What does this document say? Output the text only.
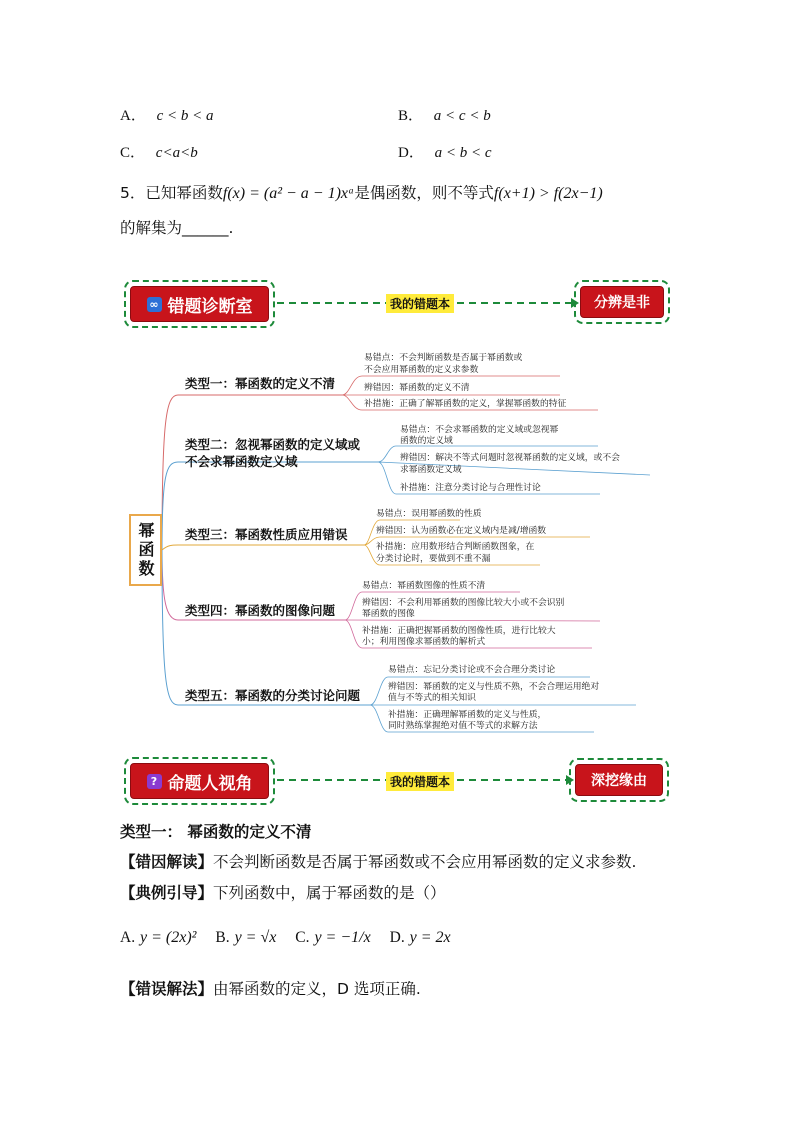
A． c < b < a	B． a < c < b
C． c<a<b	D． a < b < c
5．已知幂函数f(x) = (a² − a − 1)xᵃ是偶函数，则不等式f(x+1) > f(2x−1)
的解集为______.
∞ 错题诊断室	我的错题本	分辨是非
幂函数
类型一：幂函数的定义不清
类型二：忽视幂函数的定义域或
不会求幂函数定义域
类型三：幂函数性质应用错误
类型四：幂函数的图像问题
类型五：幂函数的分类讨论问题
易错点：不会判断函数是否属于幂函数或
不会应用幂函数的定义求参数
辨错因：幂函数的定义不清
补措施：正确了解幂函数的定义，掌握幂函数的特征
易错点：不会求幂函数的定义域或忽视幂
函数的定义域
辨错因：解决不等式问题时忽视幂函数的定义域，或不会
求幂函数定义域
补措施：注意分类讨论与合理性讨论
易错点：误用幂函数的性质
辨错因：认为函数必在定义域内是减/增函数
补措施：应用数形结合判断函数图象，在
分类讨论时，要做到不重不漏
易错点：幂函数图像的性质不清
辨错因：不会利用幂函数的图像比较大小或不会识别
幂函数的图像
补措施：正确把握幂函数的图像性质，进行比较大
小；利用图像求幂函数的解析式
易错点：忘记分类讨论或不会合理分类讨论
辨错因：幂函数的定义与性质不熟，不会合理运用绝对
值与不等式的相关知识
补措施：正确理解幂函数的定义与性质，
同时熟练掌握绝对值不等式的求解方法
? 命题人视角	我的错题本	深挖缘由
类型一： 幂函数的定义不清
【错因解读】不会判断函数是否属于幂函数或不会应用幂函数的定义求参数.
【典例引导】下列函数中，属于幂函数的是（）
A. y = (2x)² B. y = √x C. y = −1/x D. y = 2x
【错误解法】由幂函数的定义，D 选项正确.
